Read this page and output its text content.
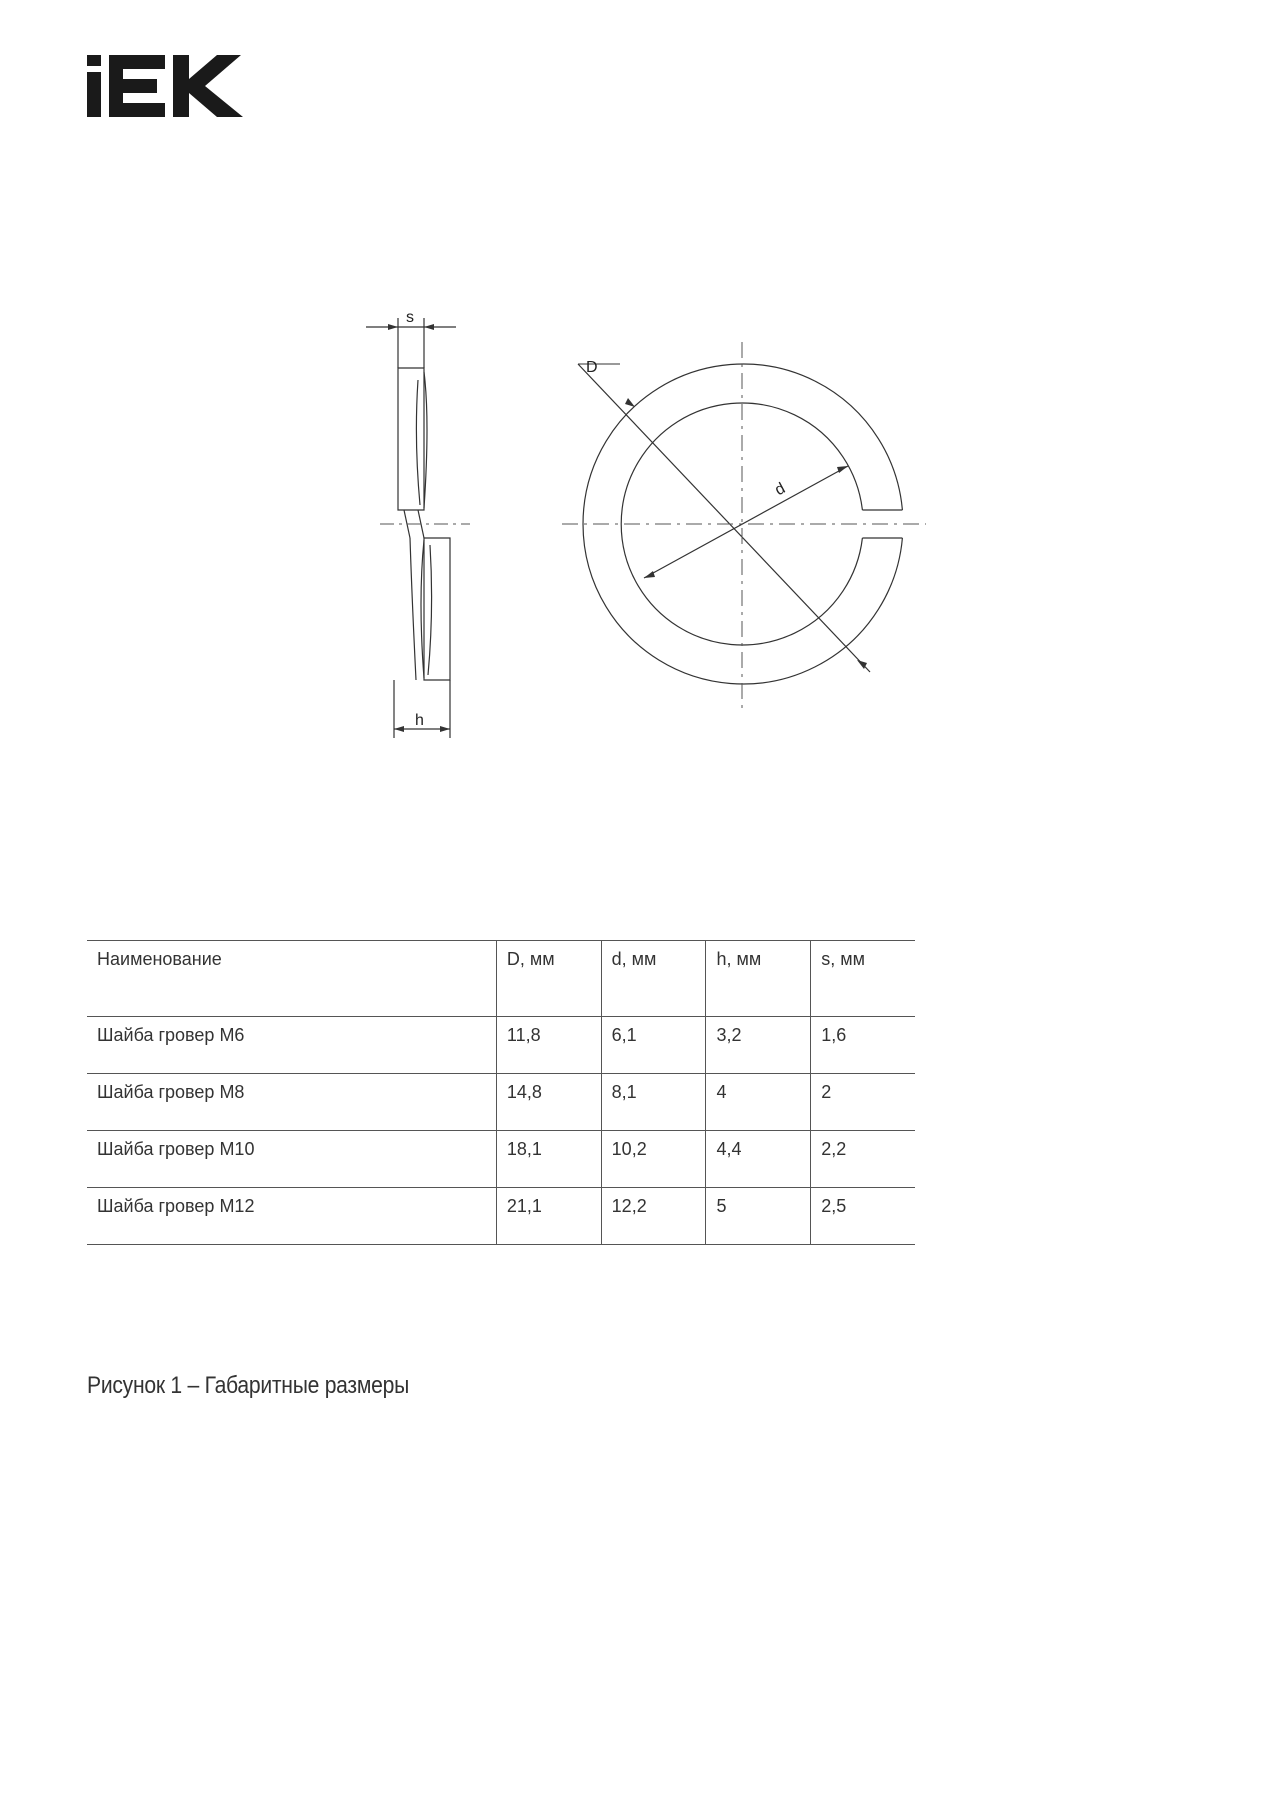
s
h
D
d
Наименование	D, мм	d, мм	h, мм	s, мм
Шайба гровер М6	11,8	6,1	3,2	1,6
Шайба гровер М8	14,8	8,1	4	2
Шайба гровер М10	18,1	10,2	4,4	2,2
Шайба гровер М12	21,1	12,2	5	2,5
Рисунок 1 – Габаритные размеры
